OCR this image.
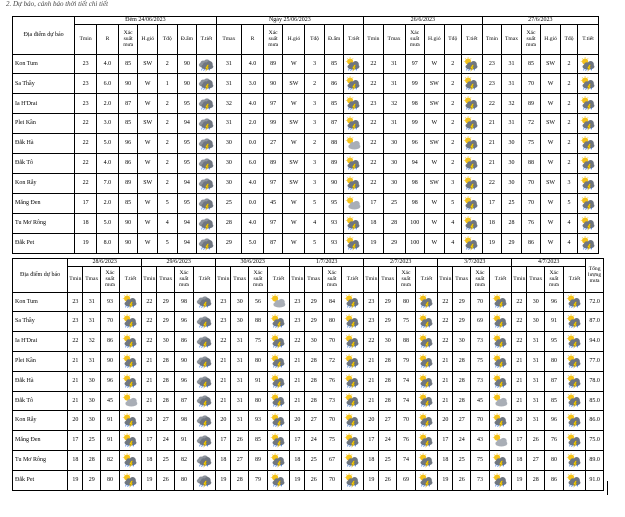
2. Dự báo, cảnh báo thời tiết chi tiết
Địa điểm dự báo	Đêm 24/06/2023							Ngày 25/06/2023							26/6/2023						27/6/2023					
	Tmin	R	Xác suất mưa	H.gió	Tđộ	Đ.ẩm	T.tiết	Tmax	R	Xác suất mưa	H.gió	Tđộ	Đ.ẩm	T.tiết	Tmin	Tmax	Xác suất mưa	H.gió	Tđộ	T.tiết	Tmin	Tmax	Xác suất mưa	H.gió	Tđộ	T.tiết
Kon Tum	23	4.0	85	SW	2	90		31	4.0	89	W	3	85		22	31	97	W	2		23	31	85	SW	2	

Sa Thầy	23	6.0	90	W	1	90		31	3.0	90	SW	2	86		22	31	99	SW	2		23	31	70	W	2	

Ia H'Drai	23	2.0	87	W	2	95		32	4.0	97	W	3	85		23	32	98	SW	2		22	32	89	W	2	

Plei Kần	22	3.0	85	SW	2	94		31	2.0	99	SW	3	87		22	31	99	W	2		21	31	72	SW	2	

Đắk Hà	22	5.0	96	W	2	95		30	0.0	27	W	2	88		22	30	96	SW	2		21	30	75	W	2	

Đắk Tô	22	4.0	86	W	2	95		30	6.0	89	SW	3	89		22	30	94	W	2		21	30	88	W	2	

Kon Rẫy	22	7.0	89	SW	2	94		30	4.0	97	SW	3	90		22	30	98	SW	3		22	30	70	SW	3	

Măng Đen	17	2.0	85	W	5	95		25	0.0	45	W	5	95		17	25	98	W	5		17	25	70	W	5	

Tu Mơ Rông	18	5.0	90	W	4	94		28	4.0	97	W	4	93		18	28	100	W	4		18	28	76	W	4	

Đắk Pet	19	8.0	90	W	5	94		29	5.0	87	W	5	93		19	29	100	W	4		19	29	86	W	4	
Địa điểm dự báo	28/6/2023				29/6/2023				30/6/2023				1/7/2023				2/7/2023				3/7/2023				4/7/2023				Tổng lượng mưa
	Tmin	Tmax	Xác suất mưa	T.tiết	Tmin	Tmax	Xác suất mưa	T.tiết	Tmin	Tmax	Xác suất mưa	T.tiết	Tmin	Tmax	Xác suất mưa	T.tiết	Tmin	Tmax	Xác suất mưa	T.tiết	Tmin	Tmax	Xác suất mưa	T.tiết	Tmin	Tmax	Xác suất mưa	T.tiết	
Kon Tum	23	31	93		22	29	98		23	30	56		23	29	84		23	29	80		22	29	70		22	30	96		72.0
Sa Thầy	23	31	70		22	29	96		23	30	88		23	29	80		23	29	75		22	29	69		22	30	91		87.0
Ia H'Drai	22	32	86		22	30	86		22	31	75		22	30	70		22	30	88		22	30	73		22	31	95		94.0
Plei Kần	21	31	90		21	28	90		21	31	80		21	28	72		21	28	79		21	28	75		21	31	80		77.0
Đắk Hà	21	30	96		21	28	96		21	31	91		21	28	76		21	28	74		21	28	73		21	31	87		78.0
Đắk Tô	21	30	45		21	28	87		21	31	80		21	28	73		21	28	74		21	28	45		21	31	85		85.0
Kon Rẫy	20	30	91		20	27	98		20	31	93		20	27	70		20	27	70		20	27	70		20	31	96		86.0
Măng Đen	17	25	91		17	24	91		17	26	85		17	24	75		17	24	76		17	24	43		17	26	76		75.0
Tu Mơ Rông	18	28	82		18	25	82		18	27	89		18	25	67		18	25	74		18	25	75		18	27	80		89.0
Đắk Pet	19	29	80		19	26	80		19	28	79		19	26	70		19	26	69		19	26	73		19	28	86		91.0
